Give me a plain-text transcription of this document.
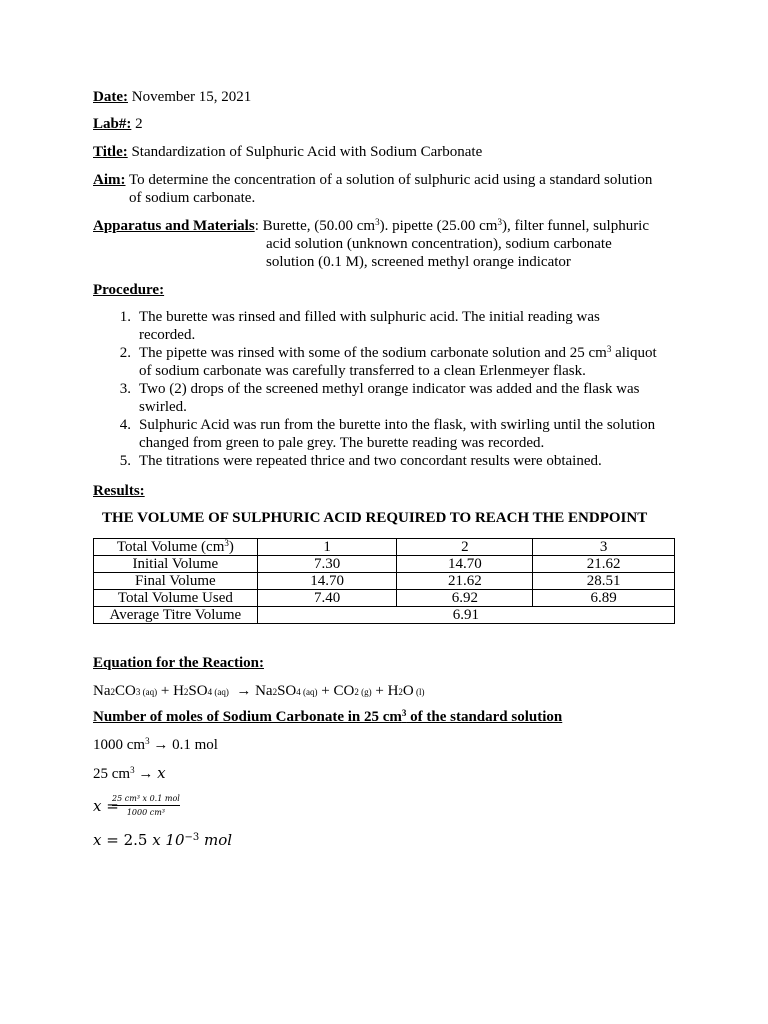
Date: November 15, 2021
Lab#: 2
Title: Standardization of Sulphuric Acid with Sodium Carbonate
Aim: To determine the concentration of a solution of sulphuric acid using a standard solution
of sodium carbonate.
Apparatus and Materials: Burette, (50.00 $cm^3$). pipette (25.00 $cm^3$), filter funnel, sulphuric
acid solution (unknown concentration), sodium carbonate
solution (0.1 M), screened methyl orange indicator
Procedure:
1. The burette was rinsed and filled with sulphuric acid. The initial reading was
recorded.
2. The pipette was rinsed with some of the sodium carbonate solution and 25 $cm^3$ aliquot
of sodium carbonate was carefully transferred to a clean Erlenmeyer flask.
3. Two (2) drops of the screened methyl orange indicator was added and the flask was
swirled.
4. Sulphuric Acid was run from the burette into the flask, with swirling until the solution
changed from green to pale grey. The burette reading was recorded.
5. The titrations were repeated thrice and two concordant results were obtained.
Results:
THE VOLUME OF SULPHURIC ACID REQUIRED TO REACH THE ENDPOINT
Total Volume $(cm^3)$	1	2	3
Initial Volume	7.30	14.70	21.62
Final Volume	14.70	21.62	28.51
Total Volume Used	7.40	6.92	6.89
Average Titre Volume	6.91		
Equation for the Reaction:
Na2CO3 (aq) + H2SO4 (aq) → Na2SO4 (aq) + CO2 (g) + H2O (l)
Number of moles of Sodium Carbonate in 25 $cm^3$ of the standard solution
1000 $cm^3 \to 0.1$ mol
25 $cm^3 \to x$
x =
25 cm³ x 0.1 mol
1000 cm³
x = 2.5 x $10^{-3}$ mol
